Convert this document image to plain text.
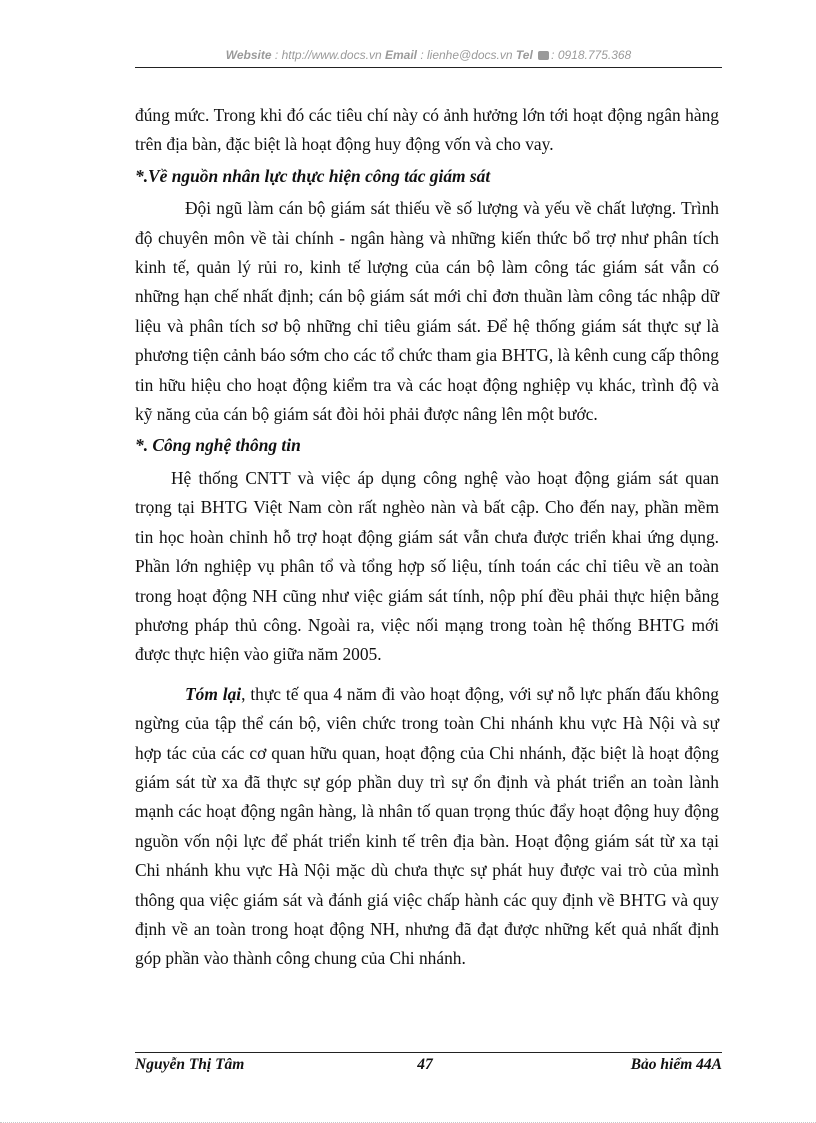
Website : http://www.docs.vn Email : lienhe@docs.vn Tel : 0918.775.368

đúng mức. Trong khi đó các tiêu chí này có ảnh hưởng lớn tới hoạt động ngân hàng trên địa bàn, đặc biệt là hoạt động huy động vốn và cho vay.

*.Về nguồn nhân lực thực hiện công tác giám sát

Đội ngũ làm cán bộ giám sát thiếu về số lượng và yếu về chất lượng. Trình độ chuyên môn về tài chính - ngân hàng và những kiến thức bổ trợ như phân tích kinh tế, quản lý rủi ro, kinh tế lượng của cán bộ làm công tác giám sát vẫn có những hạn chế nhất định; cán bộ giám sát mới chỉ đơn thuần làm công tác nhập dữ liệu và phân tích sơ bộ những chỉ tiêu giám sát. Để hệ thống giám sát thực sự là phương tiện cảnh báo sớm cho các tổ chức tham gia BHTG, là kênh cung cấp thông tin hữu hiệu cho hoạt động kiểm tra và các hoạt động nghiệp vụ khác, trình độ và kỹ năng của cán bộ giám sát đòi hỏi phải được nâng lên một bước.

*. Công nghệ thông tin

Hệ thống CNTT và việc áp dụng công nghệ vào hoạt động giám sát quan trọng tại BHTG Việt Nam còn rất nghèo nàn và bất cập. Cho đến nay, phần mềm tin học hoàn chỉnh hỗ trợ hoạt động giám sát vẫn chưa được triển khai ứng dụng. Phần lớn nghiệp vụ phân tổ và tổng hợp số liệu, tính toán các chỉ tiêu về an toàn trong hoạt động NH cũng như việc giám sát tính, nộp phí đều phải thực hiện bằng phương pháp thủ công. Ngoài ra, việc nối mạng trong toàn hệ thống BHTG mới được thực hiện vào giữa năm 2005.

Tóm lại, thực tế qua 4 năm đi vào hoạt động, với sự nỗ lực phấn đấu không ngừng của tập thể cán bộ, viên chức trong toàn Chi nhánh khu vực Hà Nội và sự hợp tác của các cơ quan hữu quan, hoạt động của Chi nhánh, đặc biệt là hoạt động giám sát từ xa đã thực sự góp phần duy trì sự ổn định và phát triển an toàn lành mạnh các hoạt động ngân hàng, là nhân tố quan trọng thúc đẩy hoạt động huy động nguồn vốn nội lực để phát triển kinh tế trên địa bàn. Hoạt động giám sát từ xa tại Chi nhánh khu vực Hà Nội mặc dù chưa thực sự phát huy được vai trò của mình thông qua việc giám sát và đánh giá việc chấp hành các quy định về BHTG và quy định về an toàn trong hoạt động NH, nhưng đã đạt được những kết quả nhất định góp phần vào thành công chung của Chi nhánh.

Nguyễn Thị Tâm	47	Bảo hiểm 44A
